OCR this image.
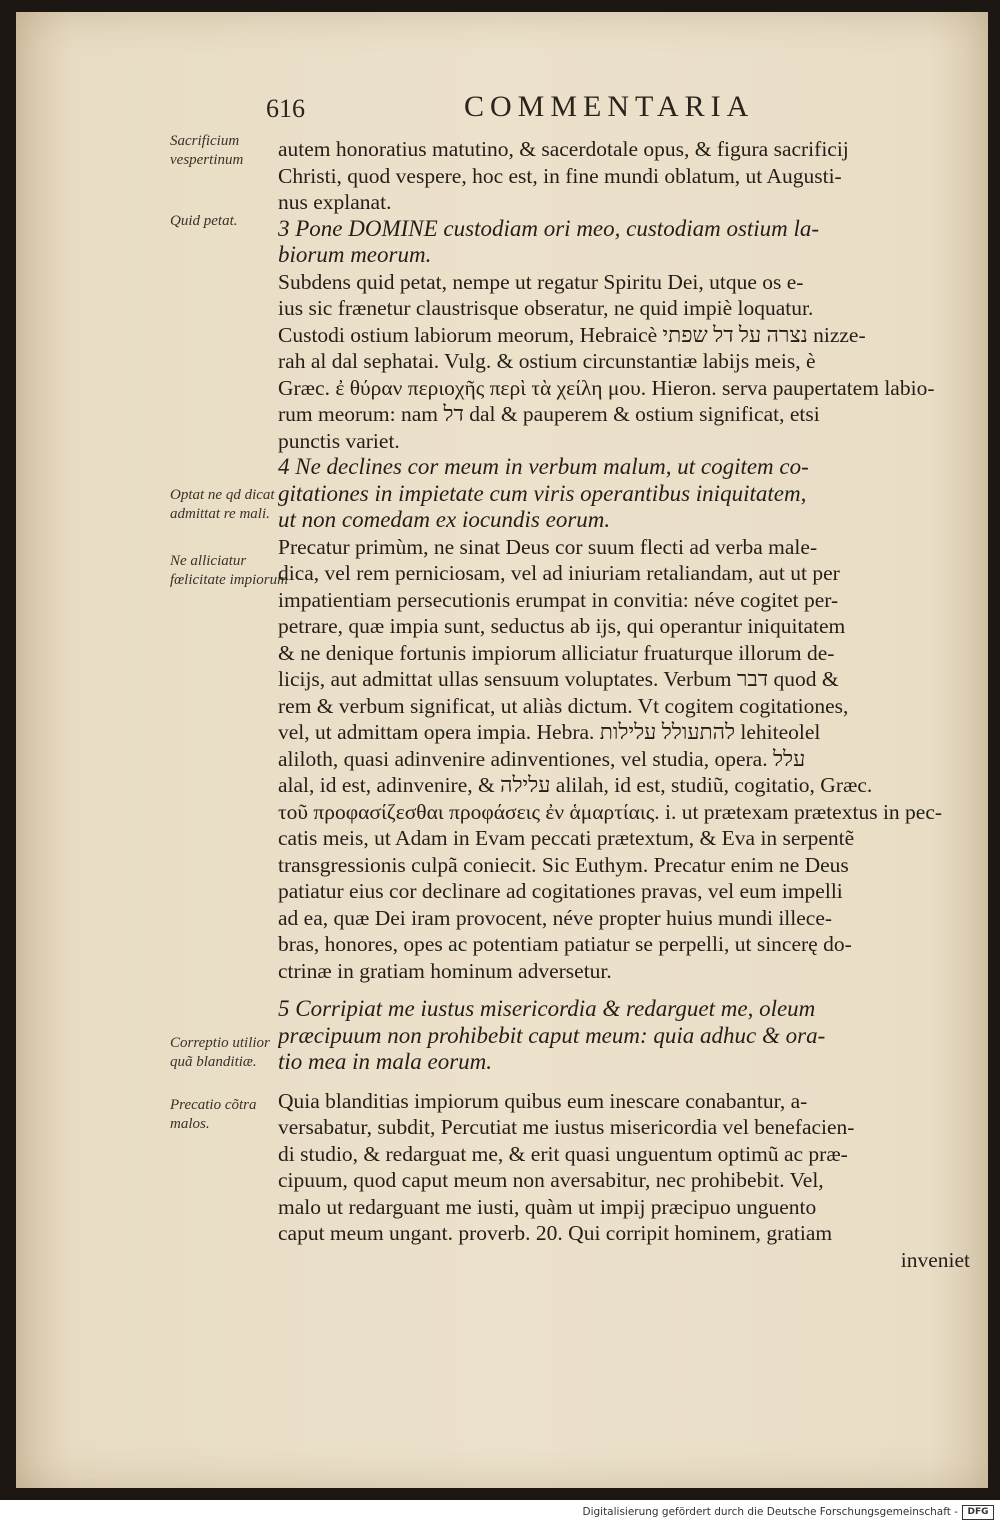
616	COMMENTARIA
Sacrificium vespertinum
Quid petat.
Optat ne qd dicat admittat re mali.
Ne alliciatur fœlicitate impiorum
Correptio utilior quã blanditiæ.
Precatio cõtra malos.
autem honoratius matutino, & sacerdotale opus, & figura sacrificij
Christi, quod vespere, hoc est, in fine mundi oblatum, ut Augusti-
nus explanat.
3 Pone DOMINE custodiam ori meo, custodiam ostium la-
biorum meorum.
Subdens quid petat, nempe ut regatur Spiritu Dei, utque os e-
ius sic frænetur claustrisque obseratur, ne quid impiè loquatur.
Custodi ostium labiorum meorum, Hebraicè נצרה על דל שפתי nizze-
rah al dal sephatai. Vulg. & ostium circunstantiæ labijs meis, è
Græc. ἐ θύραν περιοχῆς περὶ τὰ χείλη μου. Hieron. serva paupertatem labio-
rum meorum: nam דל dal & pauperem & ostium significat, etsi
punctis variet.
4 Ne declines cor meum in verbum malum, ut cogitem co-
gitationes in impietate cum viris operantibus iniquitatem,
ut non comedam ex iocundis eorum.
Precatur primùm, ne sinat Deus cor suum flecti ad verba male-
dica, vel rem perniciosam, vel ad iniuriam retaliandam, aut ut per
impatientiam persecutionis erumpat in convitia: néve cogitet per-
petrare, quæ impia sunt, seductus ab ijs, qui operantur iniquitatem
& ne denique fortunis impiorum alliciatur fruaturque illorum de-
licijs, aut admittat ullas sensuum voluptates. Verbum דבר quod &
rem & verbum significat, ut aliàs dictum. Vt cogitem cogitationes,
vel, ut admittam opera impia. Hebra. להתעולל עלילות lehiteolel
aliloth, quasi adinvenire adinventiones, vel studia, opera. עלל
alal, id est, adinvenire, & עלילה alilah, id est, studiũ, cogitatio, Græc.
τοῦ προφασίζεσθαι προφάσεις ἐν ἁμαρτίαις. i. ut prætexam prætextus in pec-
catis meis, ut Adam in Evam peccati prætextum, & Eva in serpentẽ
transgressionis culpã coniecit. Sic Euthym. Precatur enim ne Deus
patiatur eius cor declinare ad cogitationes pravas, vel eum impelli
ad ea, quæ Dei iram provocent, néve propter huius mundi illece-
bras, honores, opes ac potentiam patiatur se perpelli, ut sincerę do-
ctrinæ in gratiam hominum adversetur.
5 Corripiat me iustus misericordia & redarguet me, oleum
præcipuum non prohibebit caput meum: quia adhuc & ora-
tio mea in mala eorum.
Quia blanditias impiorum quibus eum inescare conabantur, a-
versabatur, subdit, Percutiat me iustus misericordia vel benefacien-
di studio, & redarguat me, & erit quasi unguentum optimũ ac præ-
cipuum, quod caput meum non aversabitur, nec prohibebit. Vel,
malo ut redarguant me iusti, quàm ut impij præcipuo unguento
caput meum ungant. proverb. 20. Qui corripit hominem, gratiam
inveniet
Digitalisierung gefördert durch die Deutsche Forschungsgemeinschaft -	DFG
